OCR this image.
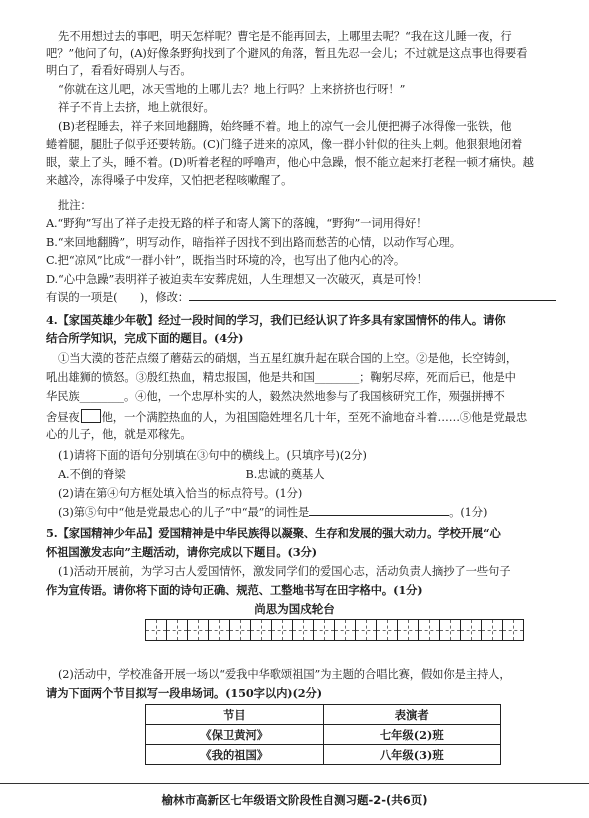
先不用想过去的事吧，明天怎样呢？曹宅是不能再回去，上哪里去呢？“我在这儿睡一夜，行
吧？”他问了句，(A)好像条野狗找到了个避风的角落，暂且先忍一会儿；不过就是这点事也得要看
明白了，看看好碍别人与否。
“你就在这儿吧，冰天雪地的上哪儿去？地上行吗？上来挤挤也行呀！”
祥子不肯上去挤，地上就很好。
(B)老程睡去，祥子来回地翻腾，始终睡不着。地上的凉气一会儿便把褥子冰得像一张铁，他
蜷着腿，腿肚子似乎还要转筋。(C)门缝子进来的凉风，像一群小针似的往头上刺。他狠狠地闭着
眼，蒙上了头，睡不着。(D)听着老程的呼噜声，他心中急躁，恨不能立起来打老程一顿才痛快。越
来越冷，冻得嗓子中发痒，又怕把老程咳嗽醒了。
批注：
A.“野狗”写出了祥子走投无路的样子和寄人篱下的落魄，“野狗”一词用得好！
B.“来回地翻腾”，明写动作，暗指祥子因找不到出路而愁苦的心情，以动作写心理。
C.把“凉风”比成“一群小针”，既指当时环境的冷，也写出了他内心的冷。
D.“心中急躁”表明祥子被迫卖车安葬虎妞，人生理想又一次破灭，真是可怜！
有误的一项是(　　)，修改：
4.【家国英雄少年敬】经过一段时间的学习，我们已经认识了许多具有家国情怀的伟人。请你
结合所学知识，完成下面的题目。(4分)
①当大漠的苍茫点缀了蘑菇云的硝烟，当五星红旗升起在联合国的上空。②是他，长空铸剑，
吼出雄狮的愤怒。③殷红热血，精忠报国，他是共和国________；鞠躬尽瘁，死而后已，他是中
华民族________。④他，一个忠厚朴实的人，毅然决然地参与了我国核研究工作，殒强拼搏不
舍昼夜 他，一个满腔热血的人，为祖国隐姓埋名几十年，至死不渝地奋斗着……⑤他是党最忠
心的儿子，他，就是邓稼先。
(1)请将下面的语句分别填在③句中的横线上。(只填序号)(2分)
A.不倒的脊梁	B.忠诚的奠基人
(2)请在第④句方框处填入恰当的标点符号。(1分)
(3)第⑤句中“他是党最忠心的儿子”中“最”的词性是	。(1分)
5.【家国精神少年品】爱国精神是中华民族得以凝聚、生存和发展的强大动力。学校开展“心
怀祖国激发志向”主题活动，请你完成以下题目。(3分)
(1)活动开展前，为学习古人爱国情怀，激发同学们的爱国心志，活动负责人摘抄了一些句子
作为宣传语。请你将下面的诗句正确、规范、工整地书写在田字格中。(1分)
尚思为国戍轮台
(2)活动中，学校准备开展一场以“爱我中华歌颂祖国”为主题的合唱比赛，假如你是主持人，
请为下面两个节目拟写一段串场词。(150字以内)(2分)
节目	表演者
《保卫黄河》	七年级(2)班
《我的祖国》	八年级(3)班
榆林市高新区七年级语文阶段性自测习题-2-(共6页)
